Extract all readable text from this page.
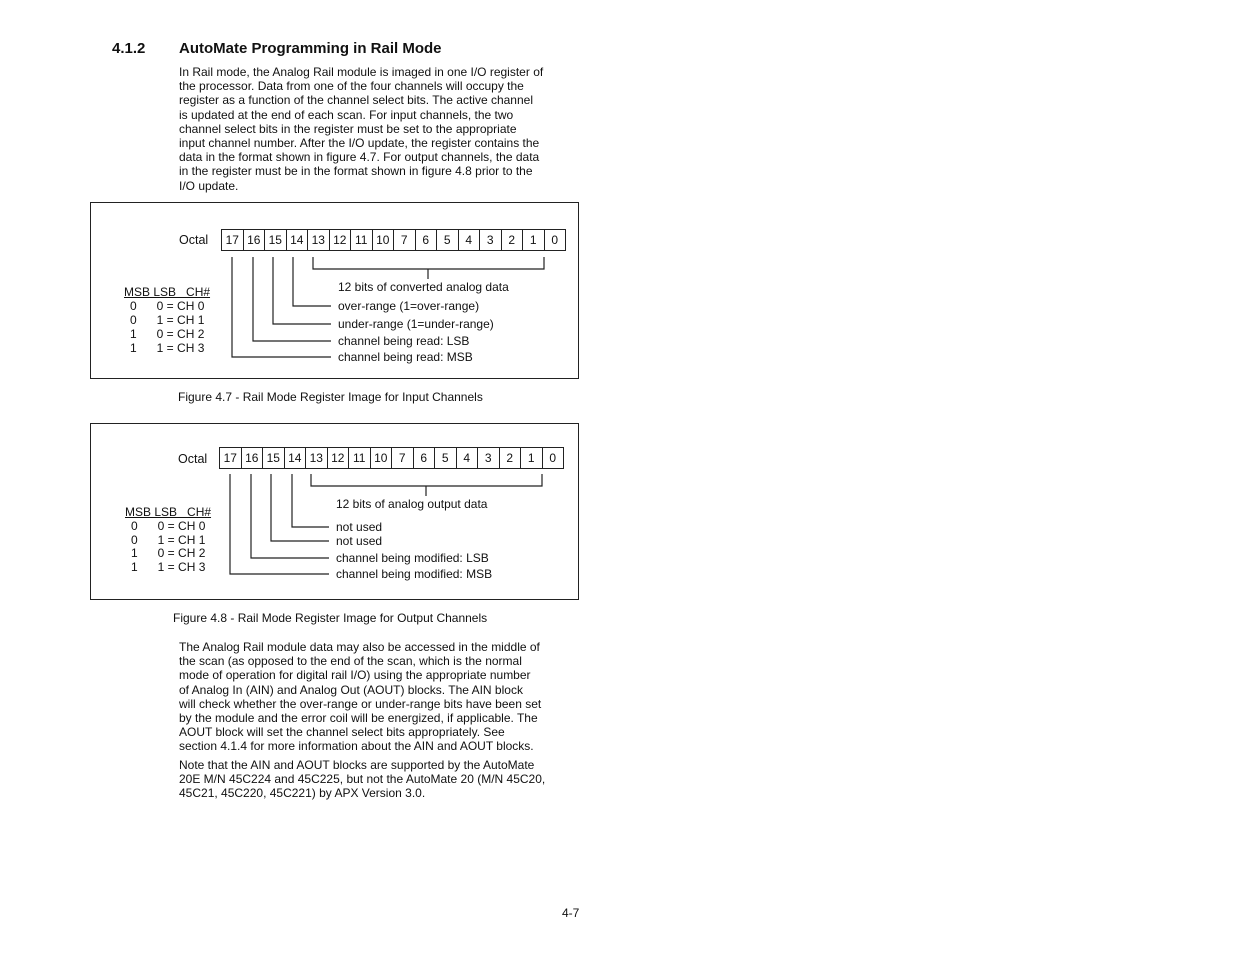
4.1.2 AutoMate Programming in Rail Mode
In Rail mode, the Analog Rail module is imaged in one I/O register of
the processor. Data from one of the four channels will occupy the
register as a function of the channel select bits. The active channel
is updated at the end of each scan. For input channels, the two
channel select bits in the register must be set to the appropriate
input channel number. After the I/O update, the register contains the
data in the format shown in figure 4.7. For output channels, the data
in the register must be in the format shown in figure 4.8 prior to the
I/O update.
Octal 17 16 15 14 13 12 11 10 7	6	5	4	3	2	1	0
12 bits of converted analog data
over-range (1=over-range)
under-range (1=under-range)
channel being read: LSB
channel being read: MSB
MSB LSB   CH#
0      0 = CH 0
0      1 = CH 1
1      0 = CH 2
1      1 = CH 3
Figure 4.7 - Rail Mode Register Image for Input Channels
Octal 17 16 15 14 13 12 11 10 7	6	5	4	3	2	1	0
12 bits of analog output data
not used
not used
channel being modified: LSB
channel being modified: MSB
MSB LSB   CH#
0      0 = CH 0
0      1 = CH 1
1      0 = CH 2
1      1 = CH 3
Figure 4.8 - Rail Mode Register Image for Output Channels
The Analog Rail module data may also be accessed in the middle of
the scan (as opposed to the end of the scan, which is the normal
mode of operation for digital rail I/O) using the appropriate number
of Analog In (AIN) and Analog Out (AOUT) blocks. The AIN block
will check whether the over-range or under-range bits have been set
by the module and the error coil will be energized, if applicable. The
AOUT block will set the channel select bits appropriately. See
section 4.1.4 for more information about the AIN and AOUT blocks.
Note that the AIN and AOUT blocks are supported by the AutoMate
20E M/N 45C224 and 45C225, but not the AutoMate 20 (M/N 45C20,
45C21, 45C220, 45C221) by APX Version 3.0.
4-7
